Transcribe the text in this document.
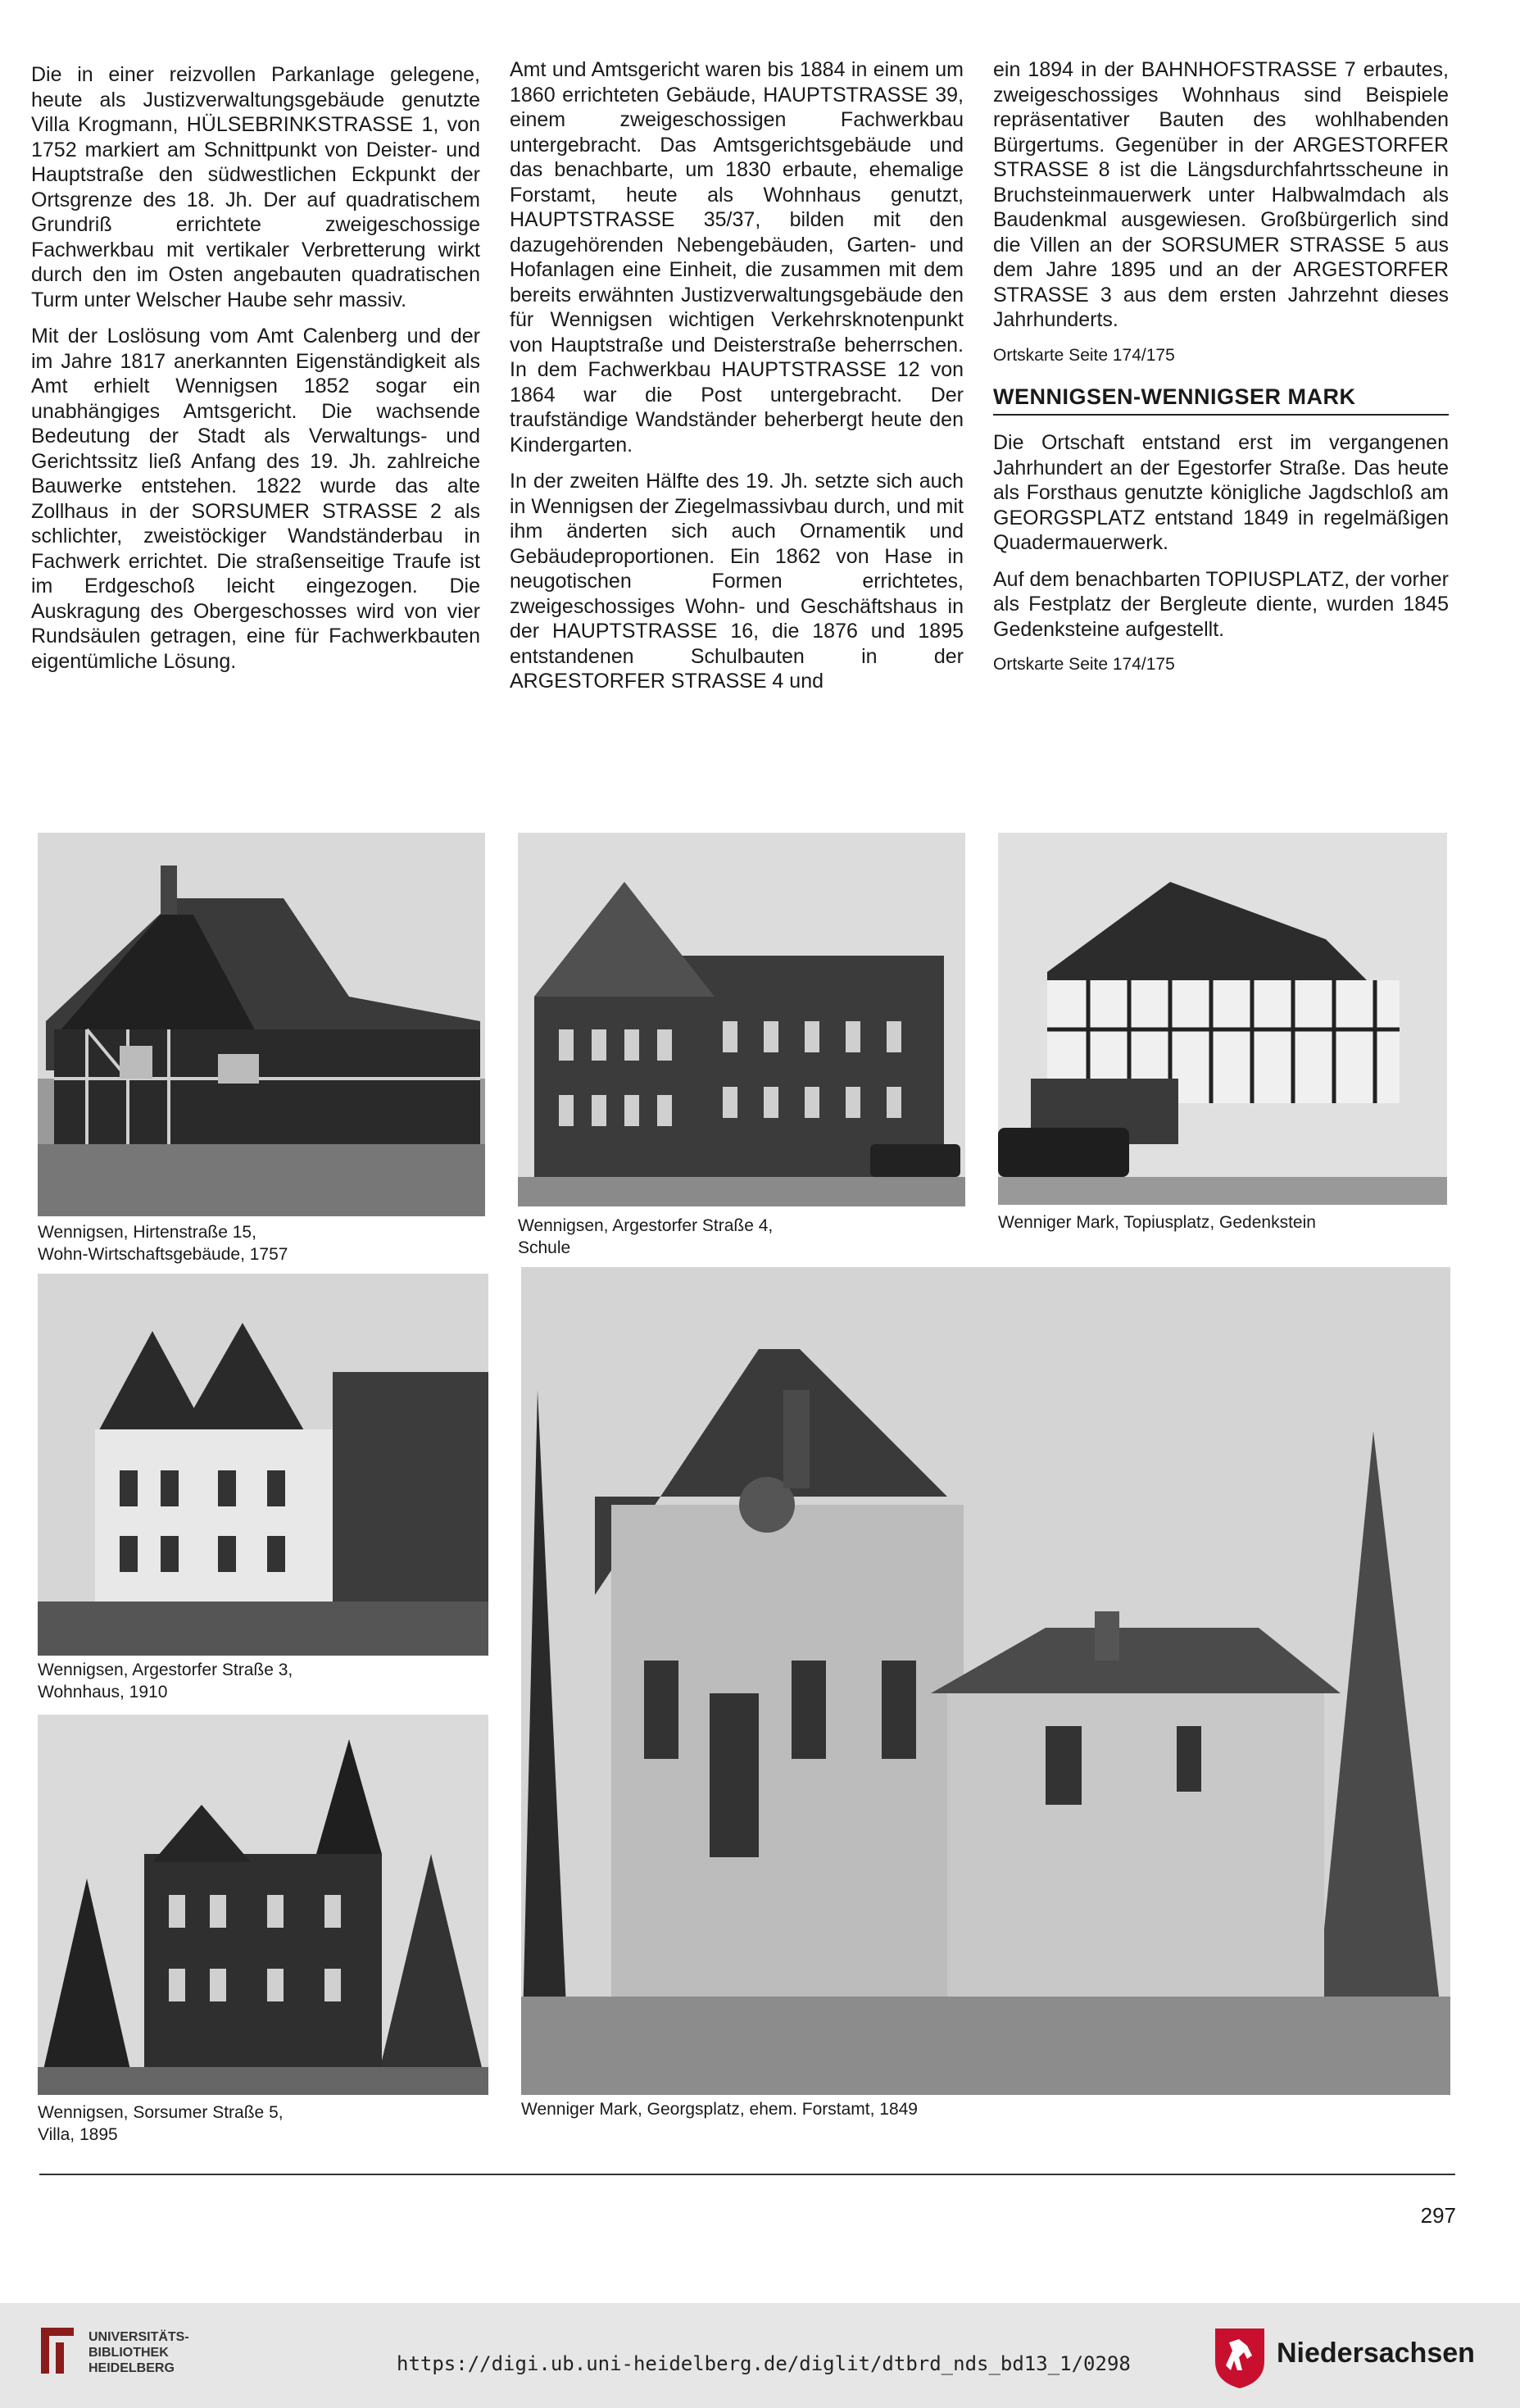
Die in einer reizvollen Parkanlage gelegene, heute als Justizverwaltungsgebäude genutzte Villa Krogmann, HÜLSEBRINKSTRASSE 1, von 1752 markiert am Schnittpunkt von Deister- und Hauptstraße den südwestlichen Eckpunkt der Ortsgrenze des 18. Jh. Der auf quadratischem Grundriß errichtete zweigeschossige Fachwerkbau mit vertikaler Verbretterung wirkt durch den im Osten angebauten quadratischen Turm unter Welscher Haube sehr massiv.

Mit der Loslösung vom Amt Calenberg und der im Jahre 1817 anerkannten Eigenständigkeit als Amt erhielt Wennigsen 1852 sogar ein unabhängiges Amtsgericht. Die wachsende Bedeutung der Stadt als Verwaltungs- und Gerichtssitz ließ Anfang des 19. Jh. zahlreiche Bauwerke entstehen. 1822 wurde das alte Zollhaus in der SORSUMER STRASSE 2 als schlichter, zweistöckiger Wandständerbau in Fachwerk errichtet. Die straßenseitige Traufe ist im Erdgeschoß leicht eingezogen. Die Auskragung des Obergeschosses wird von vier Rundsäulen getragen, eine für Fachwerkbauten eigentümliche Lösung.

Amt und Amtsgericht waren bis 1884 in einem um 1860 errichteten Gebäude, HAUPTSTRASSE 39, einem zweigeschossigen Fachwerkbau untergebracht. Das Amtsgerichtsgebäude und das benachbarte, um 1830 erbaute, ehemalige Forstamt, heute als Wohnhaus genutzt, HAUPTSTRASSE 35/37, bilden mit den dazugehörenden Nebengebäuden, Garten- und Hofanlagen eine Einheit, die zusammen mit dem bereits erwähnten Justizverwaltungsgebäude den für Wennigsen wichtigen Verkehrsknotenpunkt von Hauptstraße und Deisterstraße beherrschen. In dem Fachwerkbau HAUPTSTRASSE 12 von 1864 war die Post untergebracht. Der traufständige Wandständer beherbergt heute den Kindergarten.

In der zweiten Hälfte des 19. Jh. setzte sich auch in Wennigsen der Ziegelmassivbau durch, und mit ihm änderten sich auch Ornamentik und Gebäudeproportionen. Ein 1862 von Hase in neugotischen Formen errichtetes, zweigeschossiges Wohn- und Geschäftshaus in der HAUPTSTRASSE 16, die 1876 und 1895 entstandenen Schulbauten in der ARGESTORFER STRASSE 4 und

ein 1894 in der BAHNHOFSTRASSE 7 erbautes, zweigeschossiges Wohnhaus sind Beispiele repräsentativer Bauten des wohlhabenden Bürgertums. Gegenüber in der ARGESTORFER STRASSE 8 ist die Längsdurchfahrtsscheune in Bruchsteinmauerwerk unter Halbwalmdach als Baudenkmal ausgewiesen. Großbürgerlich sind die Villen an der SORSUMER STRASSE 5 aus dem Jahre 1895 und an der ARGESTORFER STRASSE 3 aus dem ersten Jahrzehnt dieses Jahrhunderts.

Ortskarte Seite 174/175

WENNIGSEN-WENNIGSER MARK

Die Ortschaft entstand erst im vergangenen Jahrhundert an der Egestorfer Straße. Das heute als Forsthaus genutzte königliche Jagdschloß am GEORGSPLATZ entstand 1849 in regelmäßigen Quadermauerwerk.

Auf dem benachbarten TOPIUSPLATZ, der vorher als Festplatz der Bergleute diente, wurden 1845 Gedenksteine aufgestellt.

Ortskarte Seite 174/175

Wennigsen, Hirtenstraße 15,
Wohn-Wirtschaftsgebäude, 1757
Wennigsen, Argestorfer Straße 4,
Schule
Wenniger Mark, Topiusplatz, Gedenkstein
Wennigsen, Argestorfer Straße 3,
Wohnhaus, 1910
Wennigsen, Sorsumer Straße 5,
Villa, 1895
Wenniger Mark, Georgsplatz, ehem. Forstamt, 1849
297
UNIVERSITÄTS-
BIBLIOTHEK
HEIDELBERG	https://digi.ub.uni-heidelberg.de/diglit/dtbrd_nds_bd13_1/0298	Niedersachsen
